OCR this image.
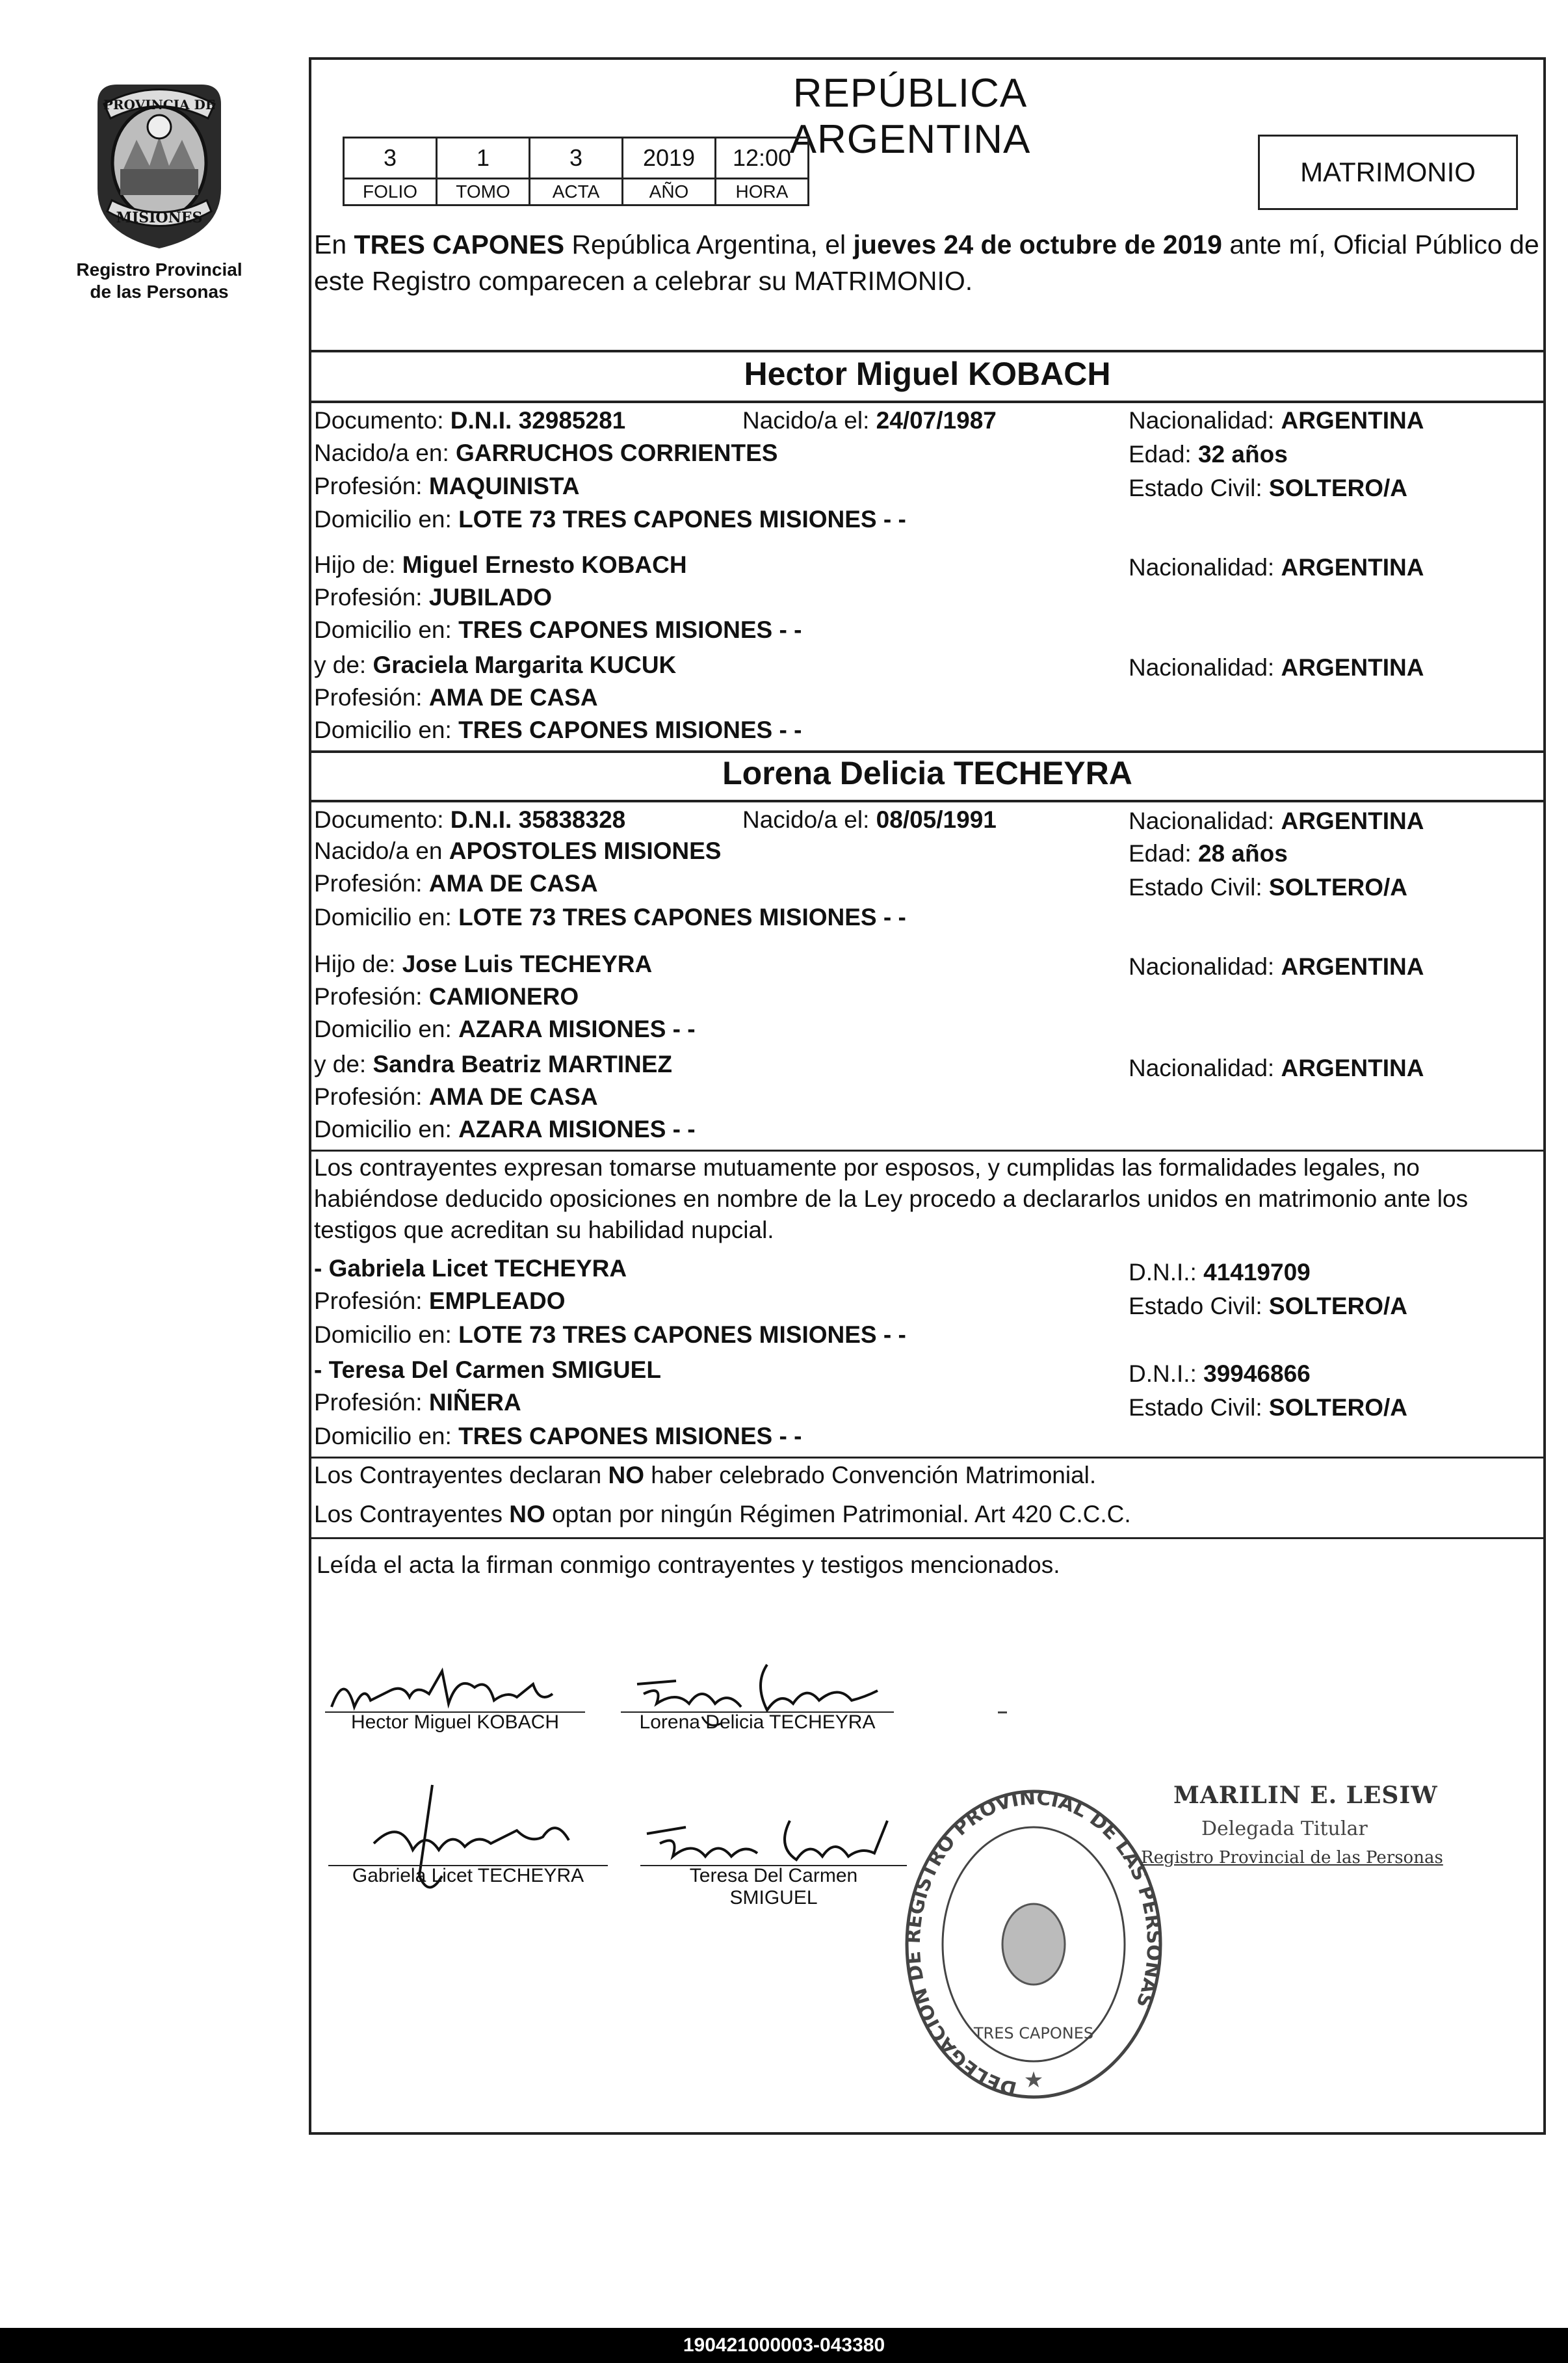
PROVINCIA DE
MISIONES
Registro Provincial
de las Personas
REPÚBLICA ARGENTINA
3	1	3	2019	12:00
FOLIO	TOMO	ACTA	AÑO	HORA
MATRIMONIO
En TRES CAPONES República Argentina, el jueves 24 de octubre de 2019 ante mí, Oficial Público de este Registro comparecen a celebrar su MATRIMONIO.
Hector Miguel KOBACH
Documento: D.N.I. 32985281	Nacido/a el: 24/07/1987	Nacionalidad: ARGENTINA
Nacido/a en: GARRUCHOS CORRIENTES	Edad: 32 años
Profesión: MAQUINISTA	Estado Civil: SOLTERO/A
Domicilio en: LOTE 73 TRES CAPONES MISIONES - -
Hijo de: Miguel Ernesto KOBACH	Nacionalidad: ARGENTINA
Profesión: JUBILADO
Domicilio en: TRES CAPONES MISIONES - -
y de: Graciela Margarita KUCUK	Nacionalidad: ARGENTINA
Profesión: AMA DE CASA
Domicilio en: TRES CAPONES MISIONES - -
Lorena Delicia TECHEYRA
Documento: D.N.I. 35838328	Nacido/a el: 08/05/1991	Nacionalidad: ARGENTINA
Nacido/a en APOSTOLES MISIONES	Edad: 28 años
Profesión: AMA DE CASA	Estado Civil: SOLTERO/A
Domicilio en: LOTE 73 TRES CAPONES MISIONES - -
Hijo de: Jose Luis TECHEYRA	Nacionalidad: ARGENTINA
Profesión: CAMIONERO
Domicilio en: AZARA MISIONES - -
y de: Sandra Beatriz MARTINEZ	Nacionalidad: ARGENTINA
Profesión: AMA DE CASA
Domicilio en: AZARA MISIONES - -
Los contrayentes expresan tomarse mutuamente por esposos, y cumplidas las formalidades legales, no habiéndose deducido oposiciones en nombre de la Ley procedo a declararlos unidos en matrimonio ante los testigos que acreditan su habilidad nupcial.
- Gabriela Licet TECHEYRA	D.N.I.: 41419709
Profesión: EMPLEADO	Estado Civil: SOLTERO/A
Domicilio en: LOTE 73 TRES CAPONES MISIONES - -
- Teresa Del Carmen SMIGUEL	D.N.I.: 39946866
Profesión: NIÑERA	Estado Civil: SOLTERO/A
Domicilio en: TRES CAPONES MISIONES - -
Los Contrayentes declaran NO haber celebrado Convención Matrimonial.
Los Contrayentes NO optan por ningún Régimen Patrimonial. Art 420 C.C.C.
Leída el acta la firman conmigo contrayentes y testigos mencionados.
Hector Miguel KOBACH	Lorena Delicia TECHEYRA
Gabriela Licet TECHEYRA	Teresa Del Carmen
SMIGUEL
DELEGACION DE REGISTRO PROVINCIAL DE LAS PERSONAS
TRES CAPONES
★
MARILIN E. LESIW
Delegada Titular
Registro Provincial de las Personas
190421000003-043380
